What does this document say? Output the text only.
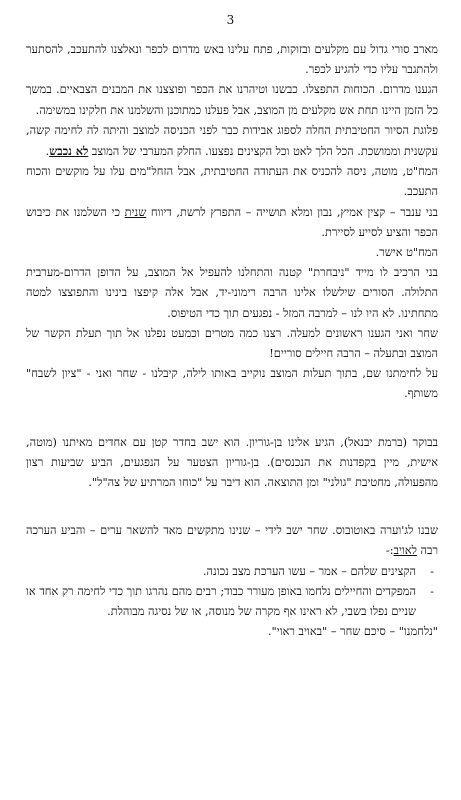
3

מארב סורי גדול עם מקלעים ובזוקות, פתח עלינו באש מדרום לכפר ונאלצנו להתעכב, להסתער ולהתגבר עליו כדי להגיע לכפר.

הגענו מדרום. הכוחות התפצלו. כבשנו וטיהרנו את הכפר ופוצצנו את המבנים הצבאיים. במשך כל הזמן היינו תחת אש מקלעים מן המוצב, אבל פעלנו כמתוכנן והשלמנו את חלקינו במשימה.

פלוגת הסיור החטיבתית החלה לספוג אבידות כבר לפני הכניסה למוצב והיתה לה לחימה קשה, עקשנית וממושכת. הכל הלך לאט וכל הקצינים נפצעו. החלק המערבי של המוצב לא נכבש.

המח"ט, מוטה, ניסה להכניס את העתודה החטיבתית, אבל הזחל"מים עלו על מוקשים והכוח התעכב.

בני ענבר – קצין אמיץ, נבון ומלא תושייה – התפרץ לרשת, דיווח שנית כי השלמנו את כיבוש הכפר והציע לסייע לסיירת.

המח"ט אישר.

בני הרכיב לו מייד "ניבחרת" קטנה והתחלנו להעפיל אל המוצב, על הדופן הדרום-מערבית התלולה. הסורים שילשלו אלינו הרבה רימוני-יד, אבל אלה קיפצו בינינו והתפוצצו למטה מתחתינו. לא היו לנו – למרבה המזל - נפגעים תוך כדי הטיפוס.

שחר ואני הגענו ראשונים למעלה. רצנו כמה מטרים וכמעט נפלנו אל תוך תעלת הקשר של המוצב ובתעלה – הרבה חיילים סוריים!

על לחימתנו שם, בתוך תעלות המוצב נוקייב באותו לילה, קיבלנו - שחר ואני - "ציון לשבח" משותף.

בבוקר (ברמת יבנאל), הגיע אלינו בן-גוריון. הוא ישב בחדר קטן עם אחדים מאיתנו (מוטה, אישית, מיין בקפדנות את הנכנסים). בן-גוריון הצטער על הנפגעים, הביע שביעות רצון מהפעולה, מחטיבת "גולני" ומן התוצאה. הוא דיבר על "כוחו המרתיע של צה"ל".

שבנו לג'וערה באוטובוס. שחר ישב לידי – שנינו מתקשים מאד להשאר ערים – והביע הערכה רבה לאויב:-

- הקצינים שלהם – אמר – עשו הערכת מצב נכונה.
- המפקדים והחיילים נלחמו באופן מעורר כבוד; רבים מהם נהרגו תוך כדי לחימה רק אחד או שניים נפלו בשבי, לא ראינו אף מקרה של מנוסה, או של נסיגה מבוהלת.

"נלחמנו" – סיכם שחר – "באויב ראוי".
